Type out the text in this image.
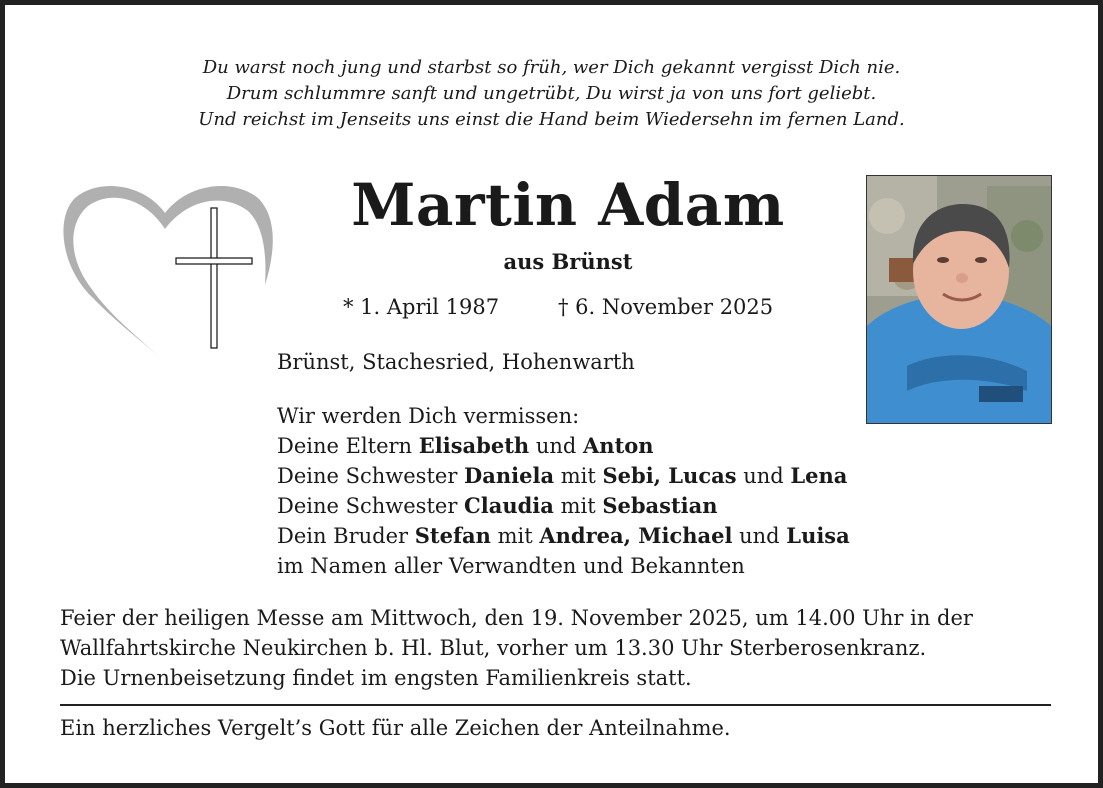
Du warst noch jung und starbst so früh, wer Dich gekannt vergisst Dich nie.
Drum schlummre sanft und ungetrübt, Du wirst ja von uns fort geliebt.
Und reichst im Jenseits uns einst die Hand beim Wiedersehn im fernen Land.
Martin Adam
aus Brünst
* 1. April 1987	† 6. November 2025
Brünst, Stachesried, Hohenwarth
Wir werden Dich vermissen:
Deine Eltern Elisabeth und Anton
Deine Schwester Daniela mit Sebi, Lucas und Lena
Deine Schwester Claudia mit Sebastian
Dein Bruder Stefan mit Andrea, Michael und Luisa
im Namen aller Verwandten und Bekannten
Feier der heiligen Messe am Mittwoch, den 19. November 2025, um 14.00 Uhr in der
Wallfahrtskirche Neukirchen b. Hl. Blut, vorher um 13.30 Uhr Sterberosenkranz.
Die Urnenbeisetzung findet im engsten Familienkreis statt.
Ein herzliches Vergelt’s Gott für alle Zeichen der Anteilnahme.
